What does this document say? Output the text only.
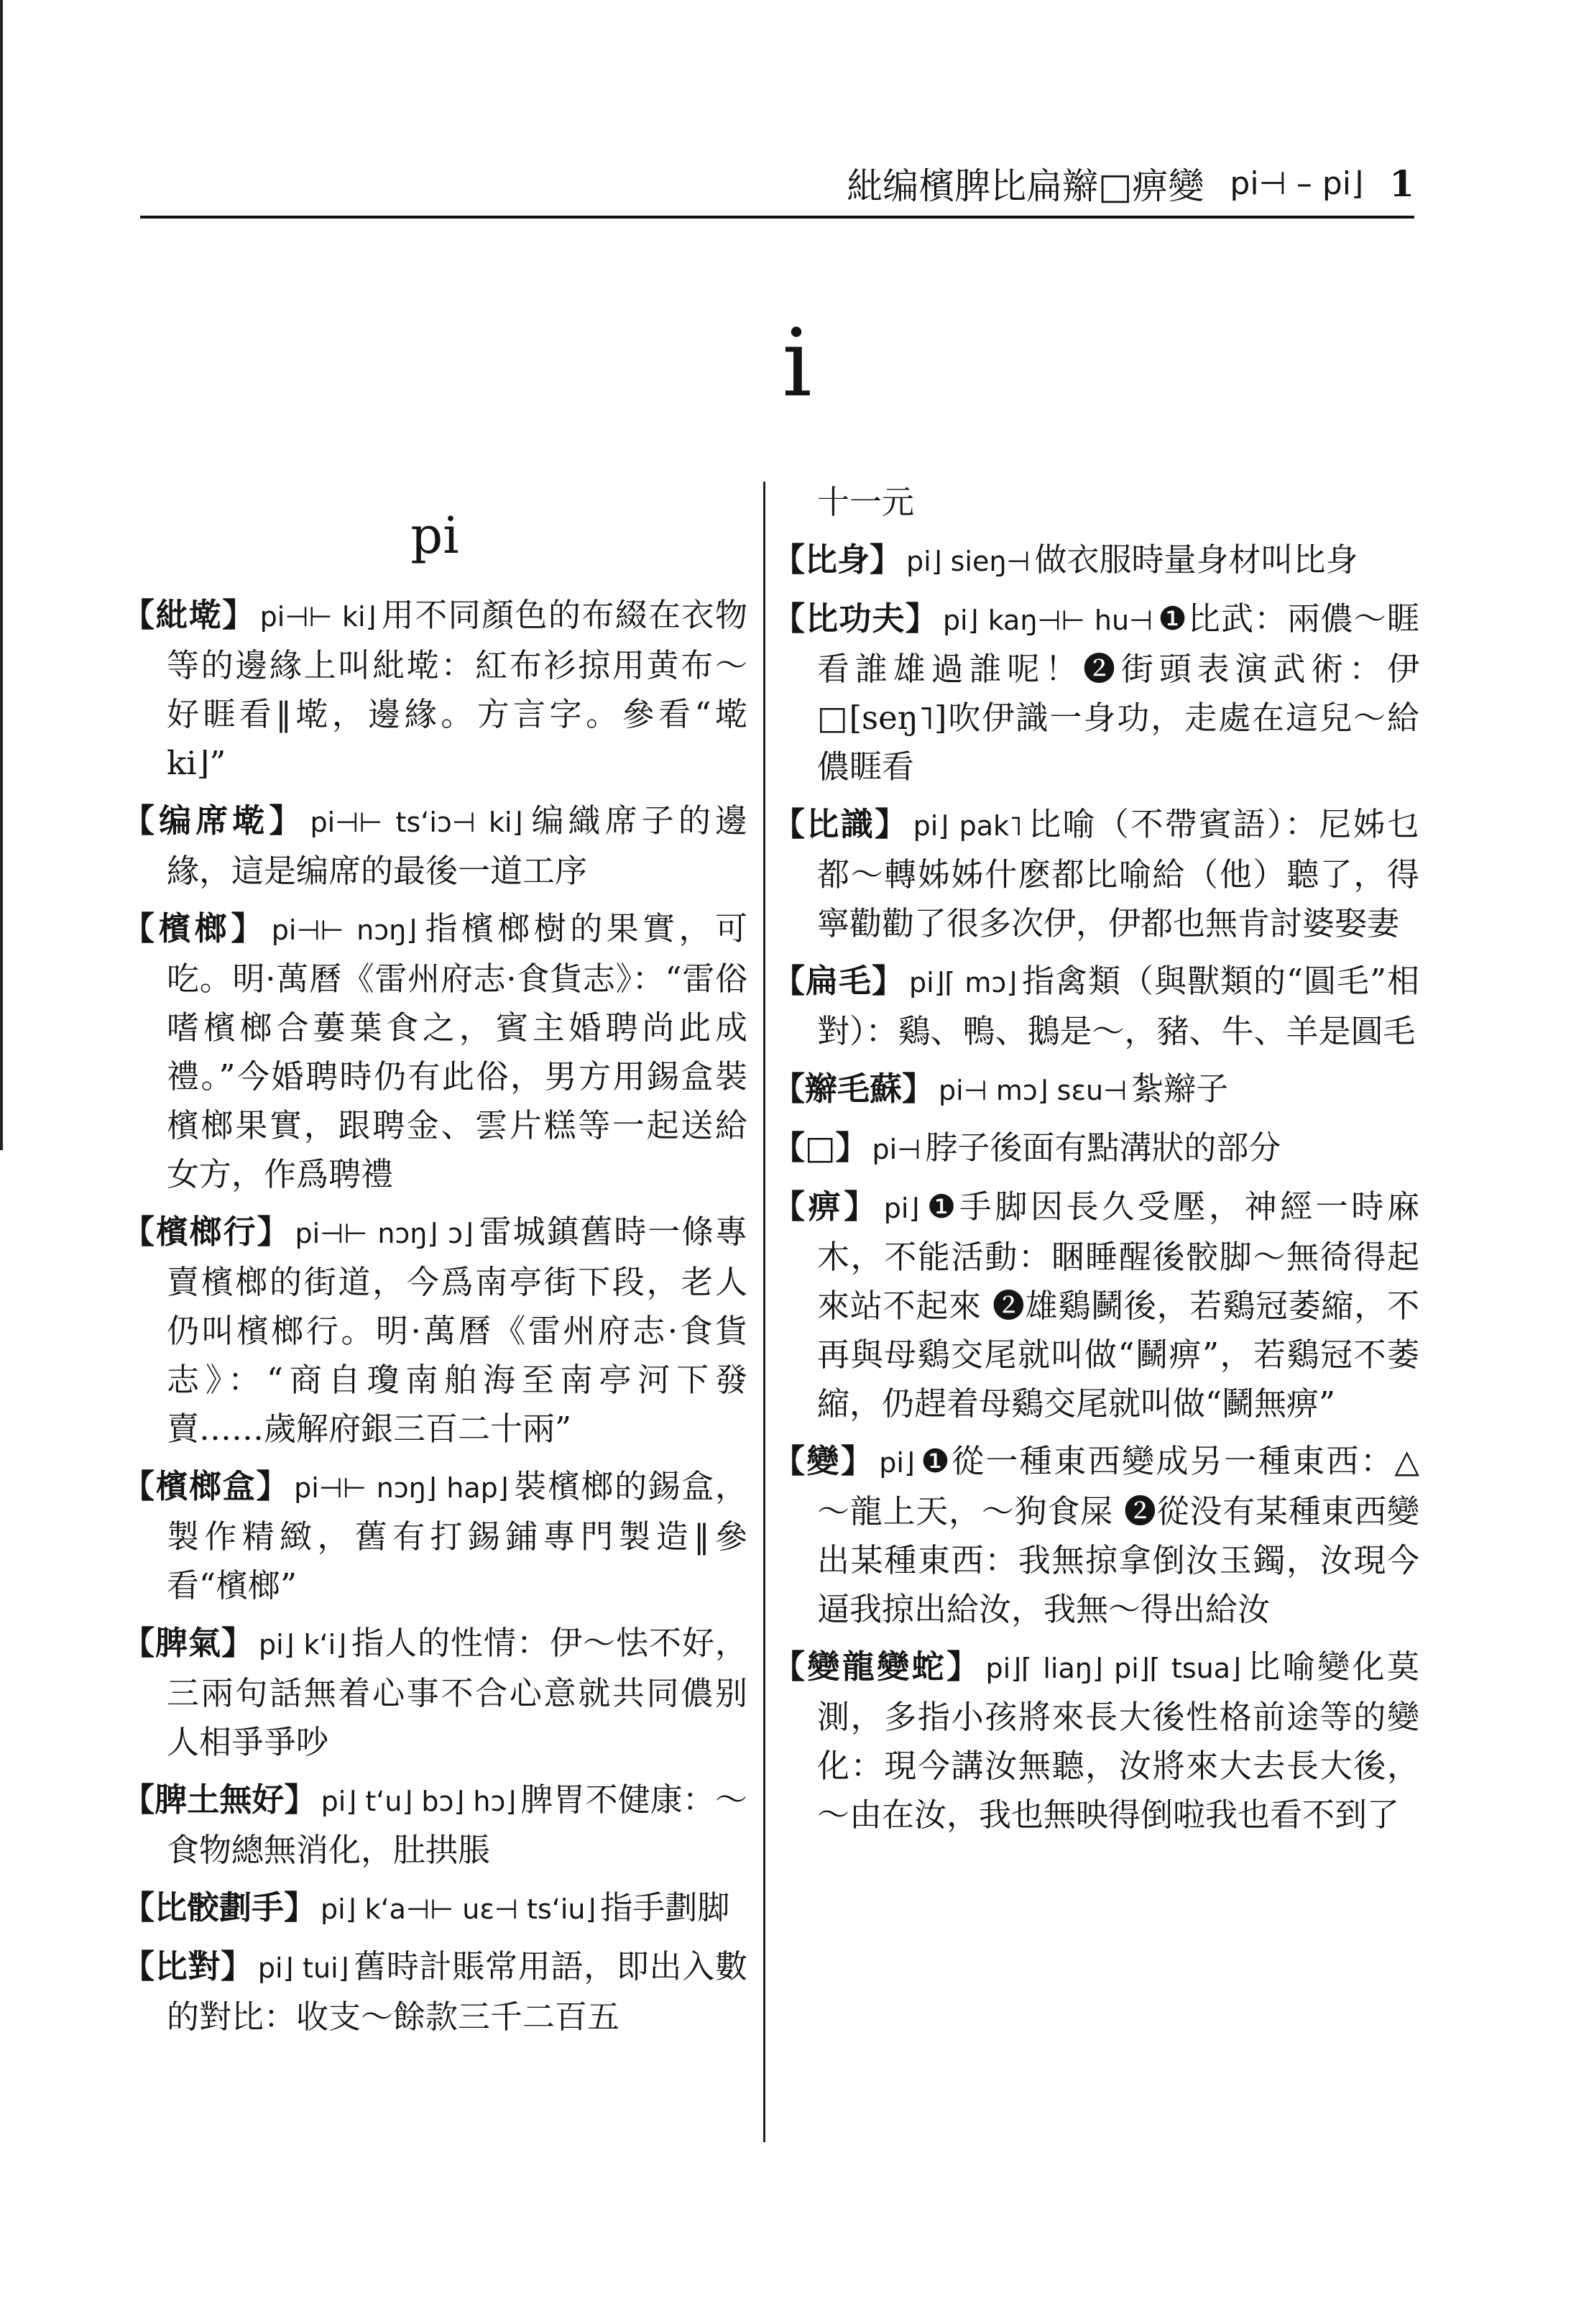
紕编檳脾比扁辮□痹變 pi⊣ – pi⌋ 1
i
pi
【紕墘】 pi⊣⊢ ki⌋ 用不同顏色的布綴在衣物等的邊緣上叫紕墘：紅布衫掠用黄布～好睚看‖墘，邊緣。方言字。參看“墘 ki⌋”
【编席墘】 pi⊣⊢ ts‘iɔ⊣ ki⌋ 编織席子的邊緣，這是编席的最後一道工序
【檳榔】 pi⊣⊢ nɔŋ⌋ 指檳榔樹的果實，可吃。明·萬曆《雷州府志·食貨志》：“雷俗嗜檳榔合蔞葉食之，賓主婚聘尚此成禮。”今婚聘時仍有此俗，男方用錫盒裝檳榔果實，跟聘金、雲片糕等一起送給女方，作爲聘禮
【檳榔行】 pi⊣⊢ nɔŋ⌋ ɔ⌋ 雷城鎮舊時一條專賣檳榔的街道，今爲南亭街下段，老人仍叫檳榔行。明·萬曆《雷州府志·食貨志》：“商自瓊南舶海至南亭河下發賣……歲解府銀三百二十兩”
【檳榔盒】 pi⊣⊢ nɔŋ⌋ hap⌋ 裝檳榔的錫盒，製作精緻，舊有打錫鋪專門製造‖參看“檳榔”
【脾氣】 pi⌋ k‘i⌋ 指人的性情：伊～怯不好，三兩句話無着心事不合心意就共同儂别人相爭爭吵
【脾土無好】 pi⌋ t‘u⌋ bɔ⌋ hɔ⌋ 脾胃不健康：～食物總無消化，肚拱脹
【比骹劃手】 pi⌋ k‘a⊣⊢ uɛ⊣ ts‘iu⌋ 指手劃脚
【比對】 pi⌋ tui⌋ 舊時計賬常用語，即出入數的對比：收支～餘款三千二百五
十一元
【比身】 pi⌋ sieŋ⊣ 做衣服時量身材叫比身
【比功夫】 pi⌋ kaŋ⊣⊢ hu⊣ ❶比武：兩儂～睚看誰雄過誰呢！❷街頭表演武術：伊□[seŋ˥]吹伊識一身功，走處在這兒～給儂睚看
【比識】 pi⌋ pak˥ 比喻（不帶賓語）：尼姊乜都～轉姊姊什麽都比喻給（他）聽了，得寧勸勸了很多次伊，伊都也無肯討婆娶妻
【扁毛】 pi⌋⌈ mɔ⌋ 指禽類（與獸類的“圓毛”相對）：鷄、鴨、鵝是～，豬、牛、羊是圓毛
【辮毛蘇】 pi⊣ mɔ⌋ sɛu⊣ 紮辮子
【□】 pi⊣ 脖子後面有點溝狀的部分
【痹】 pi⌋ ❶手脚因長久受壓，神經一時麻木，不能活動：睏睡醒後骹脚～無徛得起來站不起來 ❷雄鷄鬭後，若鷄冠萎縮，不再與母鷄交尾就叫做“鬭痹”，若鷄冠不萎縮，仍趕着母鷄交尾就叫做“鬭無痹”
【變】 pi⌋ ❶從一種東西變成另一種東西：△～龍上天，～狗食屎 ❷從没有某種東西變出某種東西：我無掠拿倒汝玉鐲，汝現今逼我掠出給汝，我無～得出給汝
【變龍變蛇】 pi⌋⌈ liaŋ⌋ pi⌋⌈ tsua⌋ 比喻變化莫測，多指小孩將來長大後性格前途等的變化：現今講汝無聽，汝將來大去長大後，～由在汝，我也無映得倒啦我也看不到了
